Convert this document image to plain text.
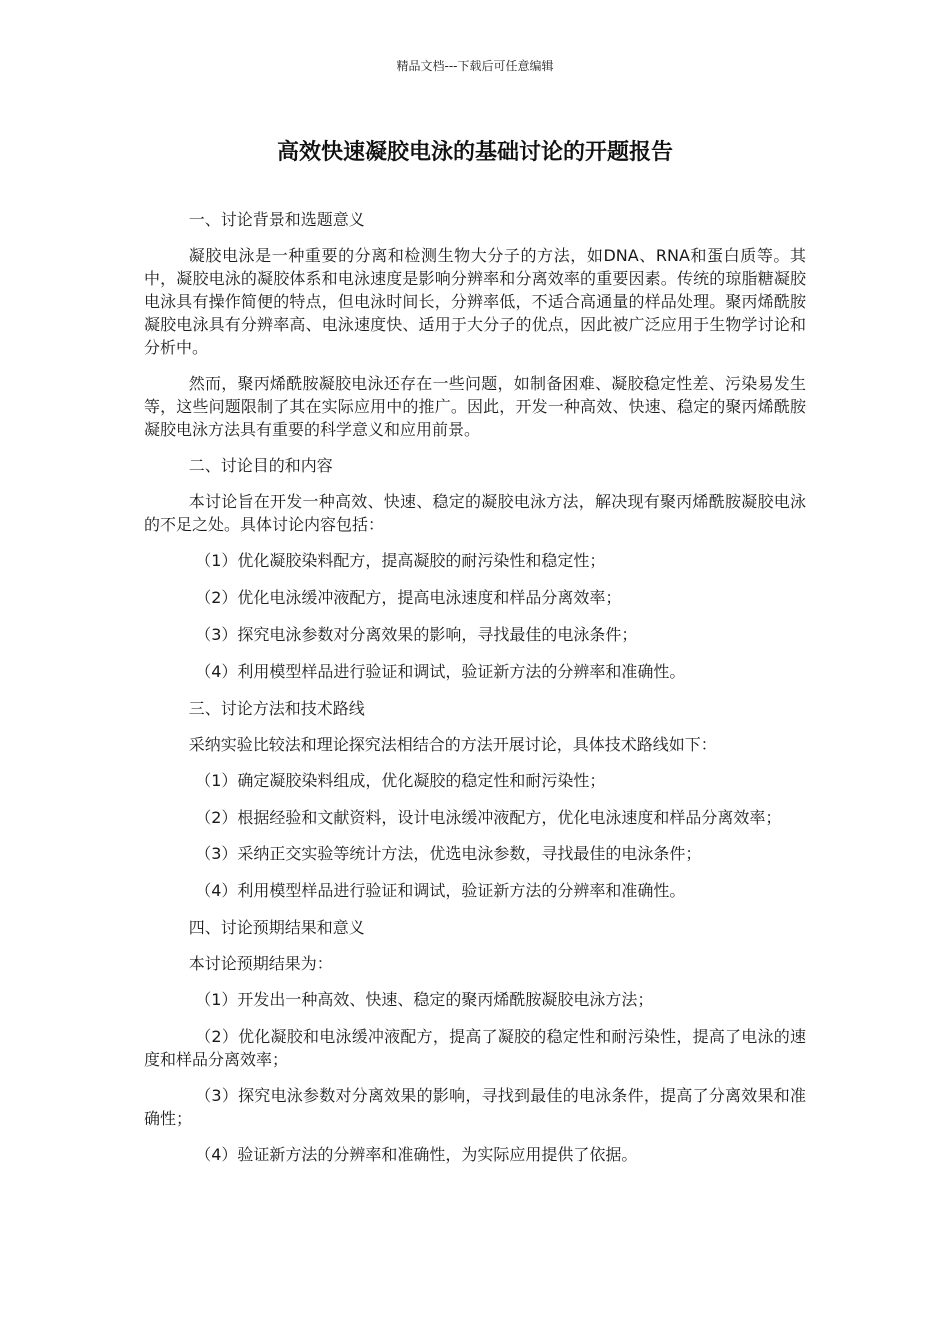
精品文档---下载后可任意编辑
高效快速凝胶电泳的基础讨论的开题报告

一、讨论背景和选题意义

凝胶电泳是一种重要的分离和检测生物大分子的方法，如DNA、RNA和蛋白质等。其中，凝胶电泳的凝胶体系和电泳速度是影响分辨率和分离效率的重要因素。传统的琼脂糖凝胶电泳具有操作简便的特点，但电泳时间长，分辨率低，不适合高通量的样品处理。聚丙烯酰胺凝胶电泳具有分辨率高、电泳速度快、适用于大分子的优点，因此被广泛应用于生物学讨论和分析中。

然而，聚丙烯酰胺凝胶电泳还存在一些问题，如制备困难、凝胶稳定性差、污染易发生等，这些问题限制了其在实际应用中的推广。因此，开发一种高效、快速、稳定的聚丙烯酰胺凝胶电泳方法具有重要的科学意义和应用前景。

二、讨论目的和内容

本讨论旨在开发一种高效、快速、稳定的凝胶电泳方法，解决现有聚丙烯酰胺凝胶电泳的不足之处。具体讨论内容包括：

（1）优化凝胶染料配方，提高凝胶的耐污染性和稳定性；

（2）优化电泳缓冲液配方，提高电泳速度和样品分离效率；

（3）探究电泳参数对分离效果的影响，寻找最佳的电泳条件；

（4）利用模型样品进行验证和调试，验证新方法的分辨率和准确性。

三、讨论方法和技术路线

采纳实验比较法和理论探究法相结合的方法开展讨论，具体技术路线如下：

（1）确定凝胶染料组成，优化凝胶的稳定性和耐污染性；

（2）根据经验和文献资料，设计电泳缓冲液配方，优化电泳速度和样品分离效率；

（3）采纳正交实验等统计方法，优选电泳参数，寻找最佳的电泳条件；

（4）利用模型样品进行验证和调试，验证新方法的分辨率和准确性。

四、讨论预期结果和意义

本讨论预期结果为：

（1）开发出一种高效、快速、稳定的聚丙烯酰胺凝胶电泳方法；

（2）优化凝胶和电泳缓冲液配方，提高了凝胶的稳定性和耐污染性，提高了电泳的速度和样品分离效率；

（3）探究电泳参数对分离效果的影响，寻找到最佳的电泳条件，提高了分离效果和准确性；

（4）验证新方法的分辨率和准确性，为实际应用提供了依据。
